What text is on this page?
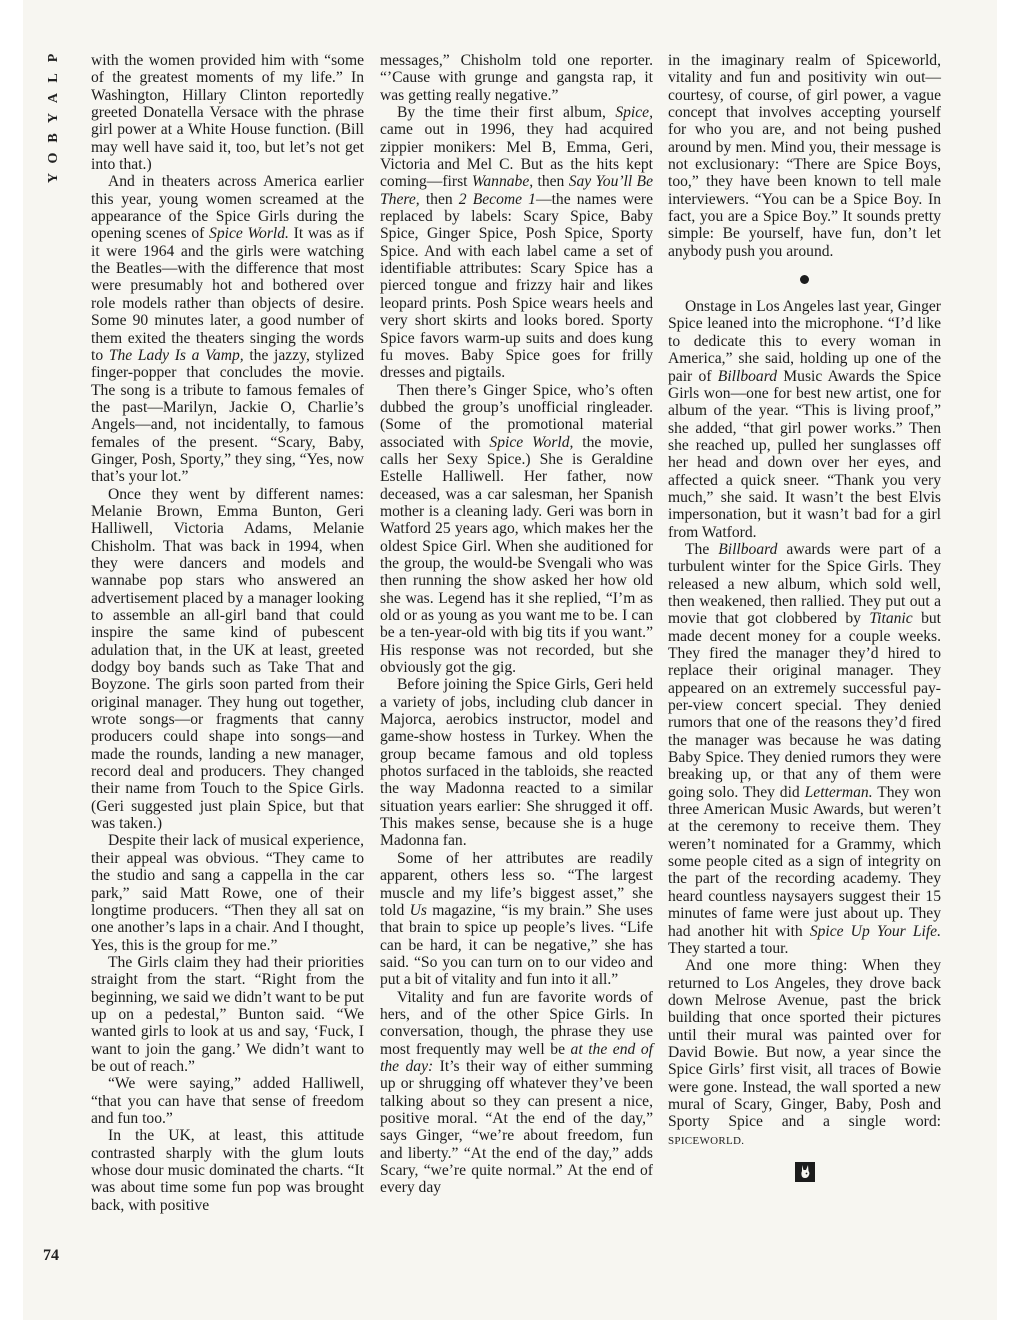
P
L
A
Y
B
O
Y

with the women provided him with “some of the greatest moments of my life.” In Washington, Hillary Clinton reportedly greeted Donatella Versace with the phrase girl power at a White House function. (Bill may well have said it, too, but let’s not get into that.)

And in theaters across America earlier this year, young women screamed at the appearance of the Spice Girls during the opening scenes of Spice World. It was as if it were 1964 and the girls were watching the Beatles—with the difference that most were presumably hot and bothered over role models rather than objects of desire. Some 90 minutes later, a good number of them exited the theaters singing the words to The Lady Is a Vamp, the jazzy, stylized finger-popper that concludes the movie. The song is a tribute to famous females of the past—Marilyn, Jackie O, Charlie’s Angels—and, not incidentally, to famous females of the present. “Scary, Baby, Ginger, Posh, Sporty,” they sing, “Yes, now that’s your lot.”

Once they went by different names: Melanie Brown, Emma Bunton, Geri Halliwell, Victoria Adams, Melanie Chisholm. That was back in 1994, when they were dancers and models and wannabe pop stars who answered an advertisement placed by a manager looking to assemble an all-girl band that could inspire the same kind of pubescent adulation that, in the UK at least, greeted dodgy boy bands such as Take That and Boyzone. The girls soon parted from their original manager. They hung out together, wrote songs—or fragments that canny producers could shape into songs—and made the rounds, landing a new manager, record deal and producers. They changed their name from Touch to the Spice Girls. (Geri suggested just plain Spice, but that was taken.)

Despite their lack of musical experience, their appeal was obvious. “They came to the studio and sang a cappella in the car park,” said Matt Rowe, one of their longtime producers. “Then they all sat on one another’s laps in a chair. And I thought, Yes, this is the group for me.”

The Girls claim they had their priorities straight from the start. “Right from the beginning, we said we didn’t want to be put up on a pedestal,” Bunton said. “We wanted girls to look at us and say, ‘Fuck, I want to join the gang.’ We didn’t want to be out of reach.”

“We were saying,” added Halliwell, “that you can have that sense of freedom and fun too.”

In the UK, at least, this attitude contrasted sharply with the glum louts whose dour music dominated the charts. “It was about time some fun pop was brought back, with positive

messages,” Chisholm told one reporter. “’Cause with grunge and gangsta rap, it was getting really negative.”

By the time their first album, Spice, came out in 1996, they had acquired zippier monikers: Mel B, Emma, Geri, Victoria and Mel C. But as the hits kept coming—first Wannabe, then Say You’ll Be There, then 2 Become 1—the names were replaced by labels: Scary Spice, Baby Spice, Ginger Spice, Posh Spice, Sporty Spice. And with each label came a set of identifiable attributes: Scary Spice has a pierced tongue and frizzy hair and likes leopard prints. Posh Spice wears heels and very short skirts and looks bored. Sporty Spice favors warm-up suits and does kung fu moves. Baby Spice goes for frilly dresses and pigtails.

Then there’s Ginger Spice, who’s often dubbed the group’s unofficial ringleader. (Some of the promotional material associated with Spice World, the movie, calls her Sexy Spice.) She is Geraldine Estelle Halliwell. Her father, now deceased, was a car salesman, her Spanish mother is a cleaning lady. Geri was born in Watford 25 years ago, which makes her the oldest Spice Girl. When she auditioned for the group, the would-be Svengali who was then running the show asked her how old she was. Legend has it she replied, “I’m as old or as young as you want me to be. I can be a ten-year-old with big tits if you want.” His response was not recorded, but she obviously got the gig.

Before joining the Spice Girls, Geri held a variety of jobs, including club dancer in Majorca, aerobics instructor, model and game-show hostess in Turkey. When the group became famous and old topless photos surfaced in the tabloids, she reacted the way Madonna reacted to a similar situation years earlier: She shrugged it off. This makes sense, because she is a huge Madonna fan.

Some of her attributes are readily apparent, others less so. “The largest muscle and my life’s biggest asset,” she told Us magazine, “is my brain.” She uses that brain to spice up people’s lives. “Life can be hard, it can be negative,” she has said. “So you can turn on to our video and put a bit of vitality and fun into it all.”

Vitality and fun are favorite words of hers, and of the other Spice Girls. In conversation, though, the phrase they use most frequently may well be at the end of the day: It’s their way of either summing up or shrugging off whatever they’ve been talking about so they can present a nice, positive moral. “At the end of the day,” says Ginger, “we’re about freedom, fun and liberty.” “At the end of the day,” adds Scary, “we’re quite normal.” At the end of every day

in the imaginary realm of Spiceworld, vitality and fun and positivity win out—courtesy, of course, of girl power, a vague concept that involves accepting yourself for who you are, and not being pushed around by men. Mind you, their message is not exclusionary: “There are Spice Boys, too,” they have been known to tell male interviewers. “You can be a Spice Boy. In fact, you are a Spice Boy.” It sounds pretty simple: Be yourself, have fun, don’t let anybody push you around.

Onstage in Los Angeles last year, Ginger Spice leaned into the microphone. “I’d like to dedicate this to every woman in America,” she said, holding up one of the pair of Billboard Music Awards the Spice Girls won—one for best new artist, one for album of the year. “This is living proof,” she added, “that girl power works.” Then she reached up, pulled her sunglasses off her head and down over her eyes, and affected a quick sneer. “Thank you very much,” she said. It wasn’t the best Elvis impersonation, but it wasn’t bad for a girl from Watford.

The Billboard awards were part of a turbulent winter for the Spice Girls. They released a new album, which sold well, then weakened, then rallied. They put out a movie that got clobbered by Titanic but made decent money for a couple weeks. They fired the manager they’d hired to replace their original manager. They appeared on an extremely successful pay-per-view concert special. They denied rumors that one of the reasons they’d fired the manager was because he was dating Baby Spice. They denied rumors they were breaking up, or that any of them were going solo. They did Letterman. They won three American Music Awards, but weren’t at the ceremony to receive them. They weren’t nominated for a Grammy, which some people cited as a sign of integrity on the part of the recording academy. They heard countless naysayers suggest their 15 minutes of fame were just about up. They had another hit with Spice Up Your Life. They started a tour.

And one more thing: When they returned to Los Angeles, they drove back down Melrose Avenue, past the brick building that once sported their pictures until their mural was painted over for David Bowie. But now, a year since the Spice Girls’ first visit, all traces of Bowie were gone. Instead, the wall sported a new mural of Scary, Ginger, Baby, Posh and Sporty Spice and a single word: SPICEWORLD.

74
